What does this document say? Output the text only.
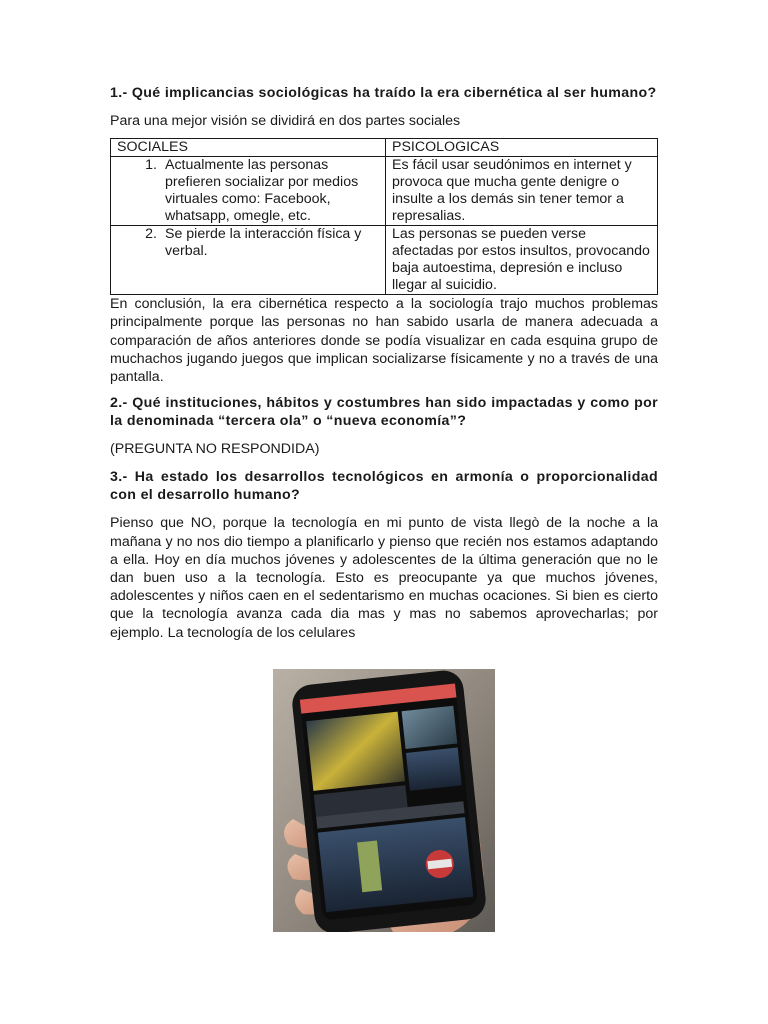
1.- Qué implicancias sociológicas ha traído la era cibernética al ser humano?

Para una mejor visión se dividirá en dos partes sociales

SOCIALES	PSICOLOGICAS

1. Actualmente las personas prefieren socializar por medios virtuales como: Facebook, whatsapp, omegle, etc.	Es fácil usar seudónimos en internet y provoca que mucha gente denigre o insulte a los demás sin tener temor a represalias.

2. Se pierde la interacción física y verbal.	Las personas se pueden verse afectadas por estos insultos, provocando baja autoestima, depresión e incluso llegar al suicidio.

En conclusión, la era cibernética respecto a la sociología trajo muchos problemas principalmente porque las personas no han sabido usarla de manera adecuada a comparación de años anteriores donde se podía visualizar en cada esquina grupo de muchachos jugando juegos que implican socializarse físicamente y no a través de una pantalla.

2.- Qué instituciones, hábitos y costumbres han sido impactadas y como por la denominada “tercera ola” o “nueva economía”?

(PREGUNTA NO RESPONDIDA)

3.- Ha estado los desarrollos tecnológicos en armonía o proporcionalidad con el desarrollo humano?

Pienso que NO, porque la tecnología en mi punto de vista llegò de la noche a la mañana y no nos dio tiempo a planificarlo y pienso que recién nos estamos adaptando a ella. Hoy en día muchos jóvenes y adolescentes de la última generación que no le dan buen uso a la tecnología. Esto es preocupante ya que muchos jóvenes, adolescentes y niños caen en el sedentarismo en muchas ocaciones. Si bien es cierto que la tecnología avanza cada dia mas y mas no sabemos aprovecharlas; por ejemplo. La tecnología de los celulares
